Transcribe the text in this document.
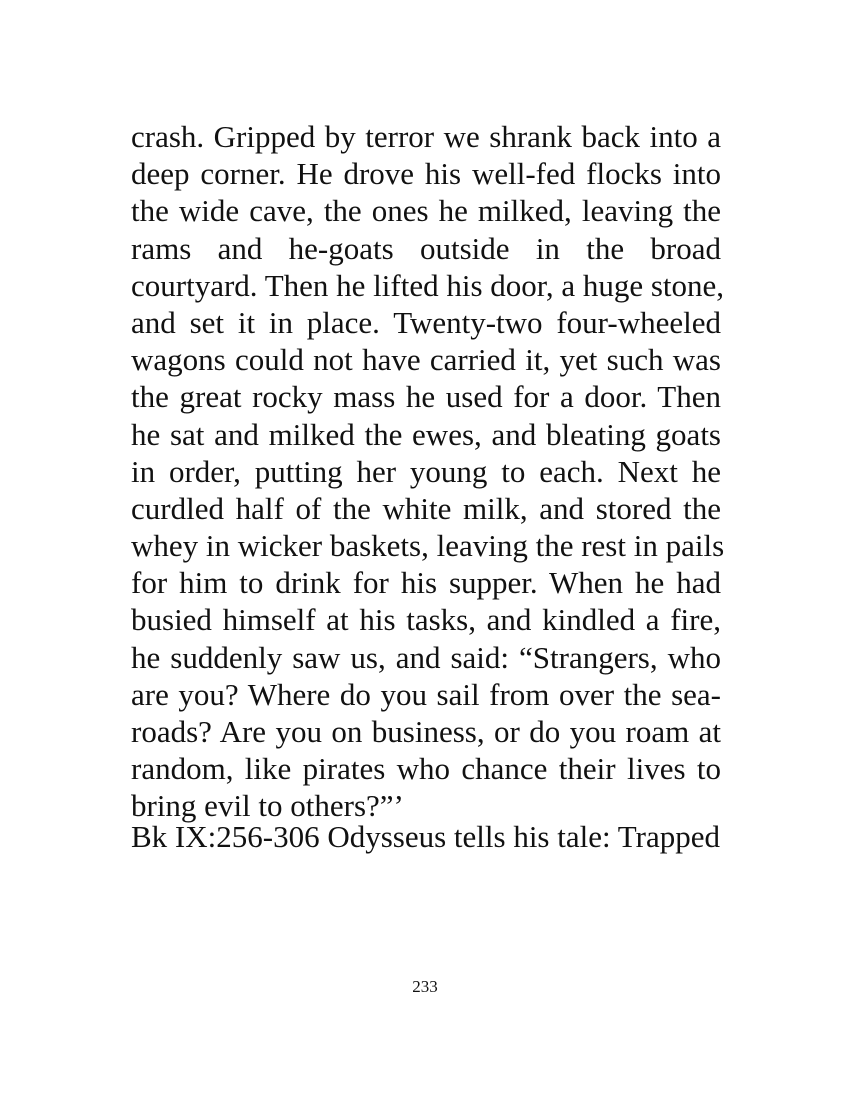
crash. Gripped by terror we shrank back into a
deep corner. He drove his well-fed flocks into
the wide cave, the ones he milked, leaving the
rams and he-goats outside in the broad
courtyard. Then he lifted his door, a huge stone,
and set it in place. Twenty-two four-wheeled
wagons could not have carried it, yet such was
the great rocky mass he used for a door. Then
he sat and milked the ewes, and bleating goats
in order, putting her young to each. Next he
curdled half of the white milk, and stored the
whey in wicker baskets, leaving the rest in pails
for him to drink for his supper. When he had
busied himself at his tasks, and kindled a fire,
he suddenly saw us, and said: “Strangers, who
are you? Where do you sail from over the sea-
roads? Are you on business, or do you roam at
random, like pirates who chance their lives to
bring evil to others?”’
Bk IX:256-306 Odysseus tells his tale: Trapped
233
